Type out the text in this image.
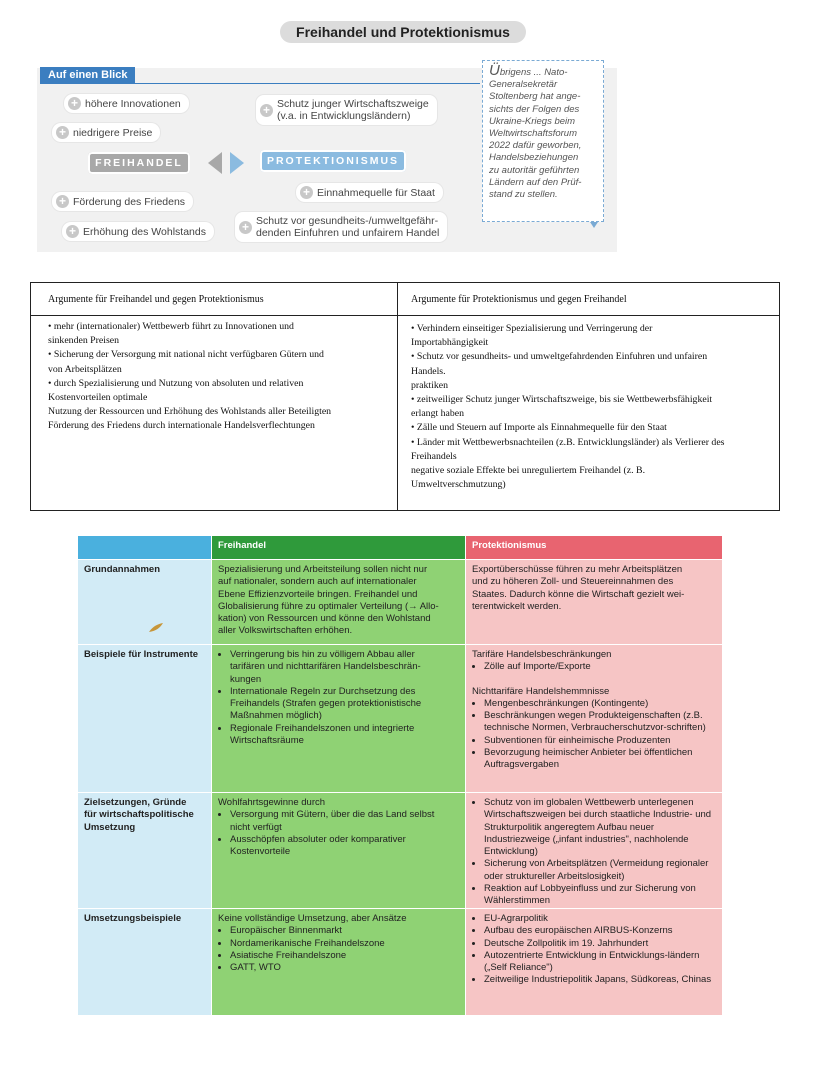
Freihandel und Protektionismus
Auf einen Blick
+ höhere Innovationen
+ niedrigere Preise
+ Förderung des Friedens
+ Erhöhung des Wohlstands
FREIHANDEL	PROTEKTIONISMUS
+ Schutz junger Wirtschaftszweige
(v.a. in Entwicklungsländern)
+ Einnahmequelle für Staat
+ Schutz vor gesundheits-/umweltgefähr-
denden Einfuhren und unfairem Handel
Übrigens ... Nato-
Generalsekretär
Stoltenberg hat ange-
sichts der Folgen des
Ukraine-Kriegs beim
Weltwirtschaftsforum
2022 dafür geworben,
Handelsbeziehungen
zu autoritär geführten
Ländern auf den Prüf-
stand zu stellen.
Argumente für Freihandel und gegen Protektionismus	Argumente für Protektionismus und gegen Freihandel
• mehr (internationaler) Wettbewerb führt zu Innovationen und
sinkenden Preisen
• Sicherung der Versorgung mit national nicht verfügbaren Gütern und
von Arbeitsplätzen
• durch Spezialisierung und Nutzung von absoluten und relativen
Kostenvorteilen optimale
Nutzung der Ressourcen und Erhöhung des Wohlstands aller Beteiligten
Förderung des Friedens durch internationale Handelsverflechtungen
• Verhindern einseitiger Spezialisierung und Verringerung der
Importabhängigkeit
• Schutz vor gesundheits- und umweltgefahrdenden Einfuhren und unfairen
Handels.
praktiken
• zeitweiliger Schutz junger Wirtschaftszweige, bis sie Wettbewerbsfähigkeit
erlangt haben
• Zälle und Steuern auf Importe als Einnahmequelle für den Staat
• Länder mit Wettbewerbsnachteilen (z.B. Entwicklungsländer) als Verlierer des
Freihandels
negative soziale Effekte bei unreguliertem Freihandel (z. B.
Umweltverschmutzung)
Freihandel	Protektionismus
Grundannahmen	Spezialisierung und Arbeitsteilung sollen nicht nur
auf nationaler, sondern auch auf internationaler
Ebene Effizienzvorteile bringen. Freihandel und
Globalisierung führe zu optimaler Verteilung (→ Allo-
kation) von Ressourcen und könne den Wohlstand
aller Volkswirtschaften erhöhen.
Exportüberschüsse führen zu mehr Arbeitsplätzen
und zu höheren Zoll- und Steuereinnahmen des
Staates. Dadurch könne die Wirtschaft gezielt wei-
terentwickelt werden.
Beispiele für Instrumente
•	Verringerung bis hin zu völligem Abbau aller tarifären und nichttarifären Handelsbeschrän-kungen
• Internationale Regeln zur Durchsetzung des Freihandels (Strafen gegen protektionistische Maßnahmen möglich)
• Regionale Freihandelszonen und integrierte Wirtschaftsräume
Tarifäre Handelsbeschränkungen
• Zölle auf Importe/Exporte
Nichttarifäre Handelshemmnisse
• Mengenbeschränkungen (Kontingente)
• Beschränkungen wegen Produkteigenschaften (z.B. technische Normen, Verbraucherschutzvor-schriften)
• Subventionen für einheimische Produzenten
• Bevorzugung heimischer Anbieter bei öffentlichen Auftragsvergaben
Zielsetzungen, Gründe
für wirtschaftspolitische
Umsetzung
Wohlfahrtsgewinne durch
• Versorgung mit Gütern, über die das Land selbst nicht verfügt
• Ausschöpfen absoluter oder komparativer Kostenvorteile
• Schutz von im globalen Wettbewerb unterlegenen Wirtschaftszweigen bei durch staatliche Industrie- und Strukturpolitik angeregtem Aufbau neuer Industriezweige („infant industries", nachholende Entwicklung)
• Sicherung von Arbeitsplätzen (Vermeidung regionaler oder struktureller Arbeitslosigkeit)
• Reaktion auf Lobbyeinfluss und zur Sicherung von Wählerstimmen
Umsetzungsbeispiele	Keine vollständige Umsetzung, aber Ansätze
• Europäischer Binnenmarkt
• Nordamerikanische Freihandelszone
• Asiatische Freihandelszone
• GATT, WTO
• EU-Agrarpolitik
• Aufbau des europäischen AIRBUS-Konzerns
• Deutsche Zollpolitik im 19. Jahrhundert
• Autozentrierte Entwicklung in Entwicklungs-ländern („Self Reliance")
• Zeitweilige Industriepolitik Japans, Südkoreas, Chinas
